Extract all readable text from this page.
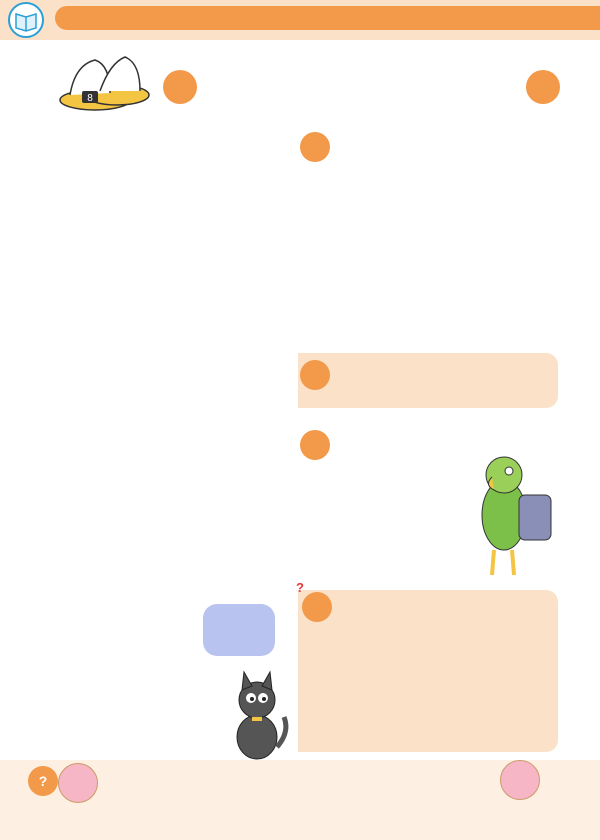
8

?
?
